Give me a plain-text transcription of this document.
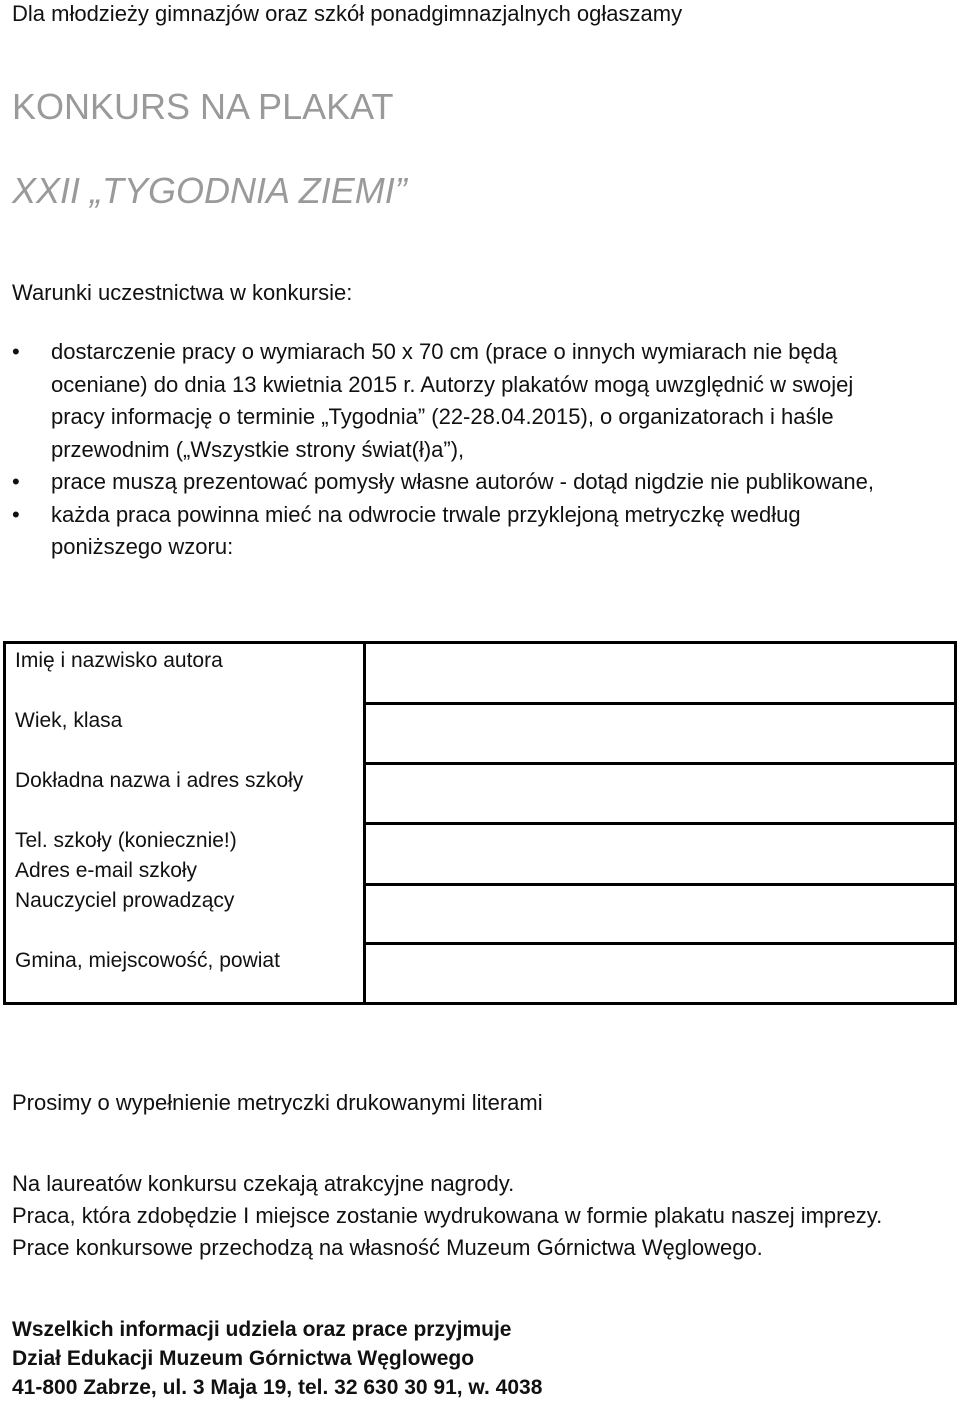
Dla młodzieży gimnazjów oraz szkół ponadgimnazjalnych ogłaszamy
KONKURS NA PLAKAT
XXII „TYGODNIA ZIEMI”
Warunki uczestnictwa w konkursie:
• dostarczenie pracy o wymiarach 50 x 70 cm (prace o innych wymiarach nie będą
oceniane) do dnia 13 kwietnia 2015 r. Autorzy plakatów mogą uwzględnić w swojej
pracy informację o terminie „Tygodnia” (22-28.04.2015), o organizatorach i haśle
przewodnim („Wszystkie strony świat(ł)a”),
• prace muszą prezentować pomysły własne autorów - dotąd nigdzie nie publikowane,
• każda praca powinna mieć na odwrocie trwale przyklejoną metryczkę według
poniższego wzoru:
Imię i nazwisko autora
Wiek, klasa
Dokładna nazwa i adres szkoły
Tel. szkoły (koniecznie!)
Adres e-mail szkoły
Nauczyciel prowadzący
Gmina, miejscowość, powiat
Prosimy o wypełnienie metryczki drukowanymi literami
Na laureatów konkursu czekają atrakcyjne nagrody.
Praca, która zdobędzie I miejsce zostanie wydrukowana w formie plakatu naszej imprezy.
Prace konkursowe przechodzą na własność Muzeum Górnictwa Węglowego.
Wszelkich informacji udziela oraz prace przyjmuje
Dział Edukacji Muzeum Górnictwa Węglowego
41-800 Zabrze, ul. 3 Maja 19, tel. 32 630 30 91, w. 4038
